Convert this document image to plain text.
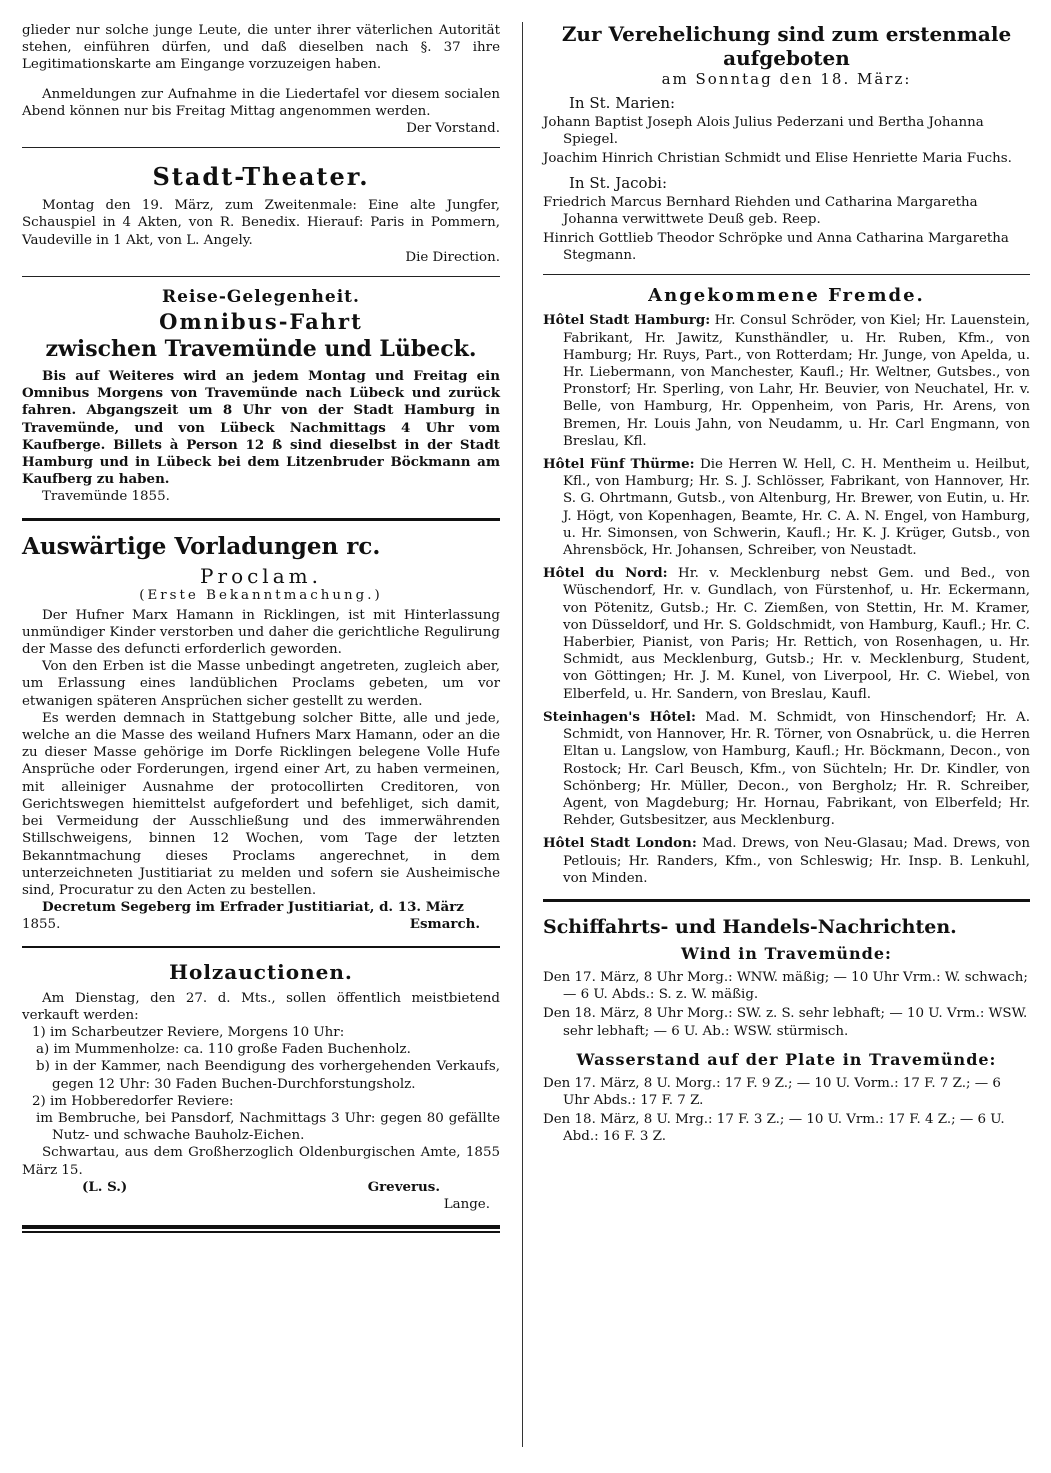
glieder nur solche junge Leute, die unter ihrer väterlichen Autorität stehen, einführen dürfen, und daß dieselben nach §. 37 ihre Legitimationskarte am Eingange vorzuzeigen haben.

Anmeldungen zur Aufnahme in die Liedertafel vor diesem socialen Abend können nur bis Freitag Mittag angenommen werden.

Der Vorstand.

Stadt-Theater.

Montag den 19. März, zum Zweitenmale: Eine alte Jungfer, Schauspiel in 4 Akten, von R. Benedix. Hierauf: Paris in Pommern, Vaudeville in 1 Akt, von L. Angely.

Die Direction.

Reise-Gelegenheit.
Omnibus-Fahrt
zwischen Travemünde und Lübeck.

Bis auf Weiteres wird an jedem Montag und Freitag ein Omnibus Morgens von Travemünde nach Lübeck und zurück fahren. Abgangszeit um 8 Uhr von der Stadt Hamburg in Travemünde, und von Lübeck Nachmittags 4 Uhr vom Kaufberge. Billets à Person 12 ß sind dieselbst in der Stadt Hamburg und in Lübeck bei dem Litzenbruder Böckmann am Kaufberg zu haben.

Travemünde 1855.

Auswärtige Vorladungen rc.
Proclam.
(Erste Bekanntmachung.)

Der Hufner Marx Hamann in Ricklingen, ist mit Hinterlassung unmündiger Kinder verstorben und daher die gerichtliche Regulirung der Masse des defuncti erforderlich geworden.

Von den Erben ist die Masse unbedingt angetreten, zugleich aber, um Erlassung eines landüblichen Proclams gebeten, um vor etwanigen späteren Ansprüchen sicher gestellt zu werden.

Es werden demnach in Stattgebung solcher Bitte, alle und jede, welche an die Masse des weiland Hufners Marx Hamann, oder an die zu dieser Masse gehörige im Dorfe Ricklingen belegene Volle Hufe Ansprüche oder Forderungen, irgend einer Art, zu haben vermeinen, mit alleiniger Ausnahme der protocollirten Creditoren, von Gerichtswegen hiemittelst aufgefordert und befehliget, sich damit, bei Vermeidung der Ausschließung und des immerwährenden Stillschweigens, binnen 12 Wochen, vom Tage der letzten Bekanntmachung dieses Proclams angerechnet, in dem unterzeichneten Justitiariat zu melden und sofern sie Ausheimische sind, Procuratur zu den Acten zu bestellen.

Decretum Segeberg im Erfrader Justitiariat, d. 13. März

1855.	Esmarch.

Holzauctionen.

Am Dienstag, den 27. d. Mts., sollen öffentlich meistbietend verkauft werden:

1) im Scharbeutzer Reviere, Morgens 10 Uhr:

a) im Mummenholze: ca. 110 große Faden Buchenholz.

b) in der Kammer, nach Beendigung des vorhergehenden Verkaufs, gegen 12 Uhr: 30 Faden Buchen-Durchforstungsholz.

2) im Hobberedorfer Reviere:

im Bembruche, bei Pansdorf, Nachmittags 3 Uhr: gegen 80 gefällte Nutz- und schwache Bauholz-Eichen.

Schwartau, aus dem Großherzoglich Oldenburgischen Amte, 1855 März 15.

(L. S.)	Greverus.

Lange.

Zur Verehelichung sind zum erstenmale aufgeboten
am Sonntag den 18. März:
In St. Marien:

Johann Baptist Joseph Alois Julius Pederzani und Bertha Johanna Spiegel.

Joachim Hinrich Christian Schmidt und Elise Henriette Maria Fuchs.

In St. Jacobi:

Friedrich Marcus Bernhard Riehden und Catharina Margaretha Johanna verwittwete Deuß geb. Reep.

Hinrich Gottlieb Theodor Schröpke und Anna Catharina Margaretha Stegmann.

Angekommene Fremde.

Hôtel Stadt Hamburg: Hr. Consul Schröder, von Kiel; Hr. Lauenstein, Fabrikant, Hr. Jawitz, Kunsthändler, u. Hr. Ruben, Kfm., von Hamburg; Hr. Ruys, Part., von Rotterdam; Hr. Junge, von Apelda, u. Hr. Liebermann, von Manchester, Kaufl.; Hr. Weltner, Gutsbes., von Pronstorf; Hr. Sperling, von Lahr, Hr. Beuvier, von Neuchatel, Hr. v. Belle, von Hamburg, Hr. Oppenheim, von Paris, Hr. Arens, von Bremen, Hr. Louis Jahn, von Neudamm, u. Hr. Carl Engmann, von Breslau, Kfl.

Hôtel Fünf Thürme: Die Herren W. Hell, C. H. Mentheim u. Heilbut, Kfl., von Hamburg; Hr. S. J. Schlösser, Fabrikant, von Hannover, Hr. S. G. Ohrtmann, Gutsb., von Altenburg, Hr. Brewer, von Eutin, u. Hr. J. Högt, von Kopenhagen, Beamte, Hr. C. A. N. Engel, von Hamburg, u. Hr. Simonsen, von Schwerin, Kaufl.; Hr. K. J. Krüger, Gutsb., von Ahrensböck, Hr. Johansen, Schreiber, von Neustadt.

Hôtel du Nord: Hr. v. Mecklenburg nebst Gem. und Bed., von Wüschendorf, Hr. v. Gundlach, von Fürstenhof, u. Hr. Eckermann, von Pötenitz, Gutsb.; Hr. C. Ziemßen, von Stettin, Hr. M. Kramer, von Düsseldorf, und Hr. S. Goldschmidt, von Hamburg, Kaufl.; Hr. C. Haberbier, Pianist, von Paris; Hr. Rettich, von Rosenhagen, u. Hr. Schmidt, aus Mecklenburg, Gutsb.; Hr. v. Mecklenburg, Student, von Göttingen; Hr. J. M. Kunel, von Liverpool, Hr. C. Wiebel, von Elberfeld, u. Hr. Sandern, von Breslau, Kaufl.

Steinhagen's Hôtel: Mad. M. Schmidt, von Hinschendorf; Hr. A. Schmidt, von Hannover, Hr. R. Törner, von Osnabrück, u. die Herren Eltan u. Langslow, von Hamburg, Kaufl.; Hr. Böckmann, Decon., von Rostock; Hr. Carl Beusch, Kfm., von Süchteln; Hr. Dr. Kindler, von Schönberg; Hr. Müller, Decon., von Bergholz; Hr. R. Schreiber, Agent, von Magdeburg; Hr. Hornau, Fabrikant, von Elberfeld; Hr. Rehder, Gutsbesitzer, aus Mecklenburg.

Hôtel Stadt London: Mad. Drews, von Neu-Glasau; Mad. Drews, von Petlouis; Hr. Randers, Kfm., von Schleswig; Hr. Insp. B. Lenkuhl, von Minden.

Schiffahrts- und Handels-Nachrichten.
Wind in Travemünde:

Den 17. März, 8 Uhr Morg.: WNW. mäßig; — 10 Uhr Vrm.: W. schwach; — 6 U. Abds.: S. z. W. mäßig.

Den 18. März, 8 Uhr Morg.: SW. z. S. sehr lebhaft; — 10 U. Vrm.: WSW. sehr lebhaft; — 6 U. Ab.: WSW. stürmisch.

Wasserstand auf der Plate in Travemünde:

Den 17. März, 8 U. Morg.: 17 F. 9 Z.; — 10 U. Vorm.: 17 F. 7 Z.; — 6 Uhr Abds.: 17 F. 7 Z.

Den 18. März, 8 U. Mrg.: 17 F. 3 Z.; — 10 U. Vrm.: 17 F. 4 Z.; — 6 U. Abd.: 16 F. 3 Z.
